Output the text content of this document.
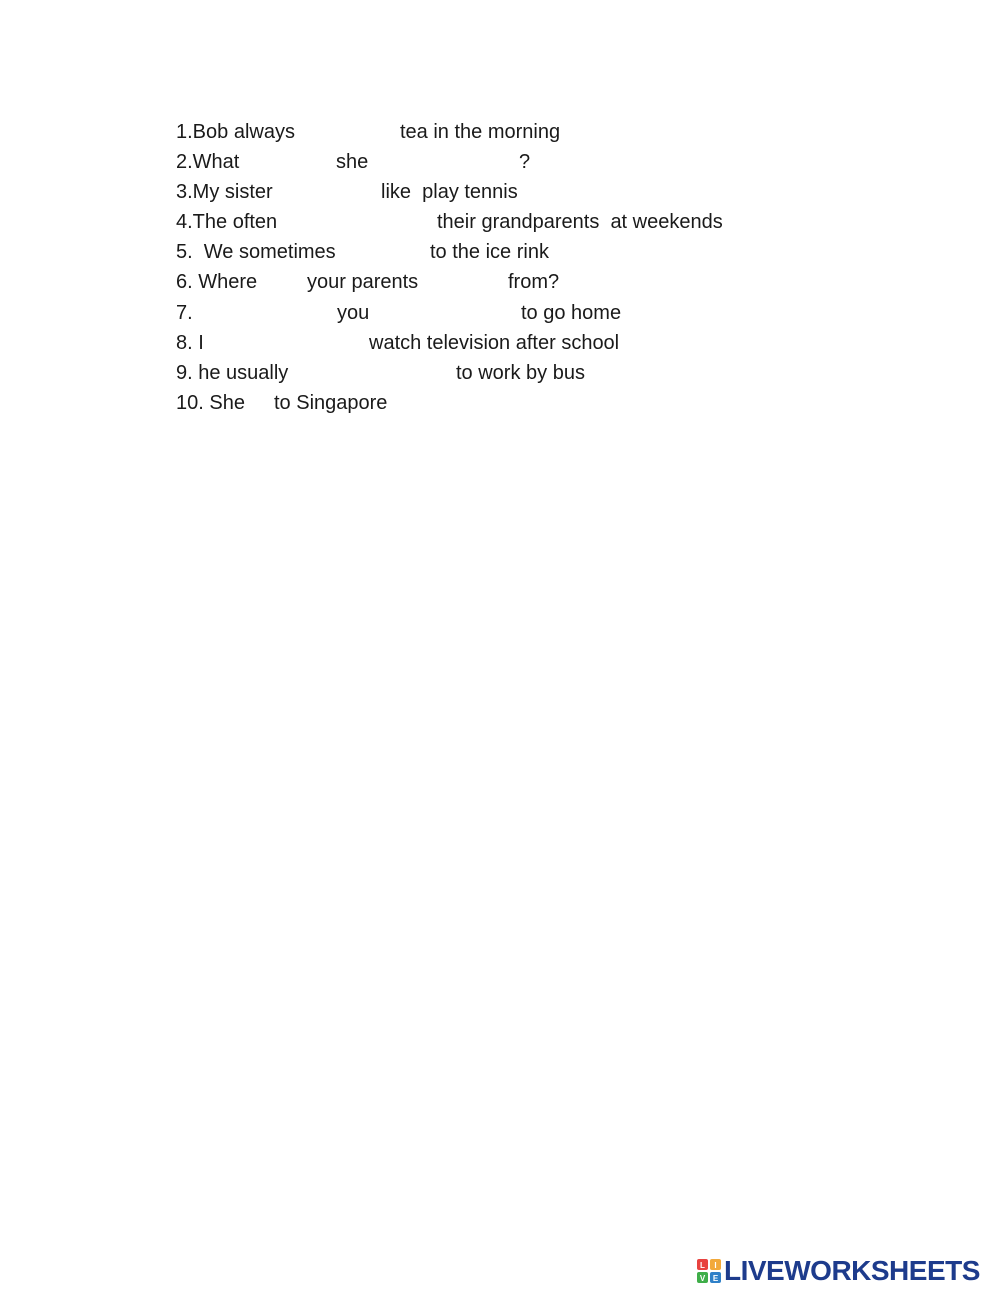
1.Bob always	tea in the morning
2.What	she	?
3.My sister	like  play tennis
4.The often	their grandparents  at weekends
5.  We sometimes	to the ice rink
6. Where your parents	from?
7.	you	to go home
8. I	watch television after school
9. he usually	to work by bus
10. She to Singapore
L I
V E LIVEWORKSHEETS
